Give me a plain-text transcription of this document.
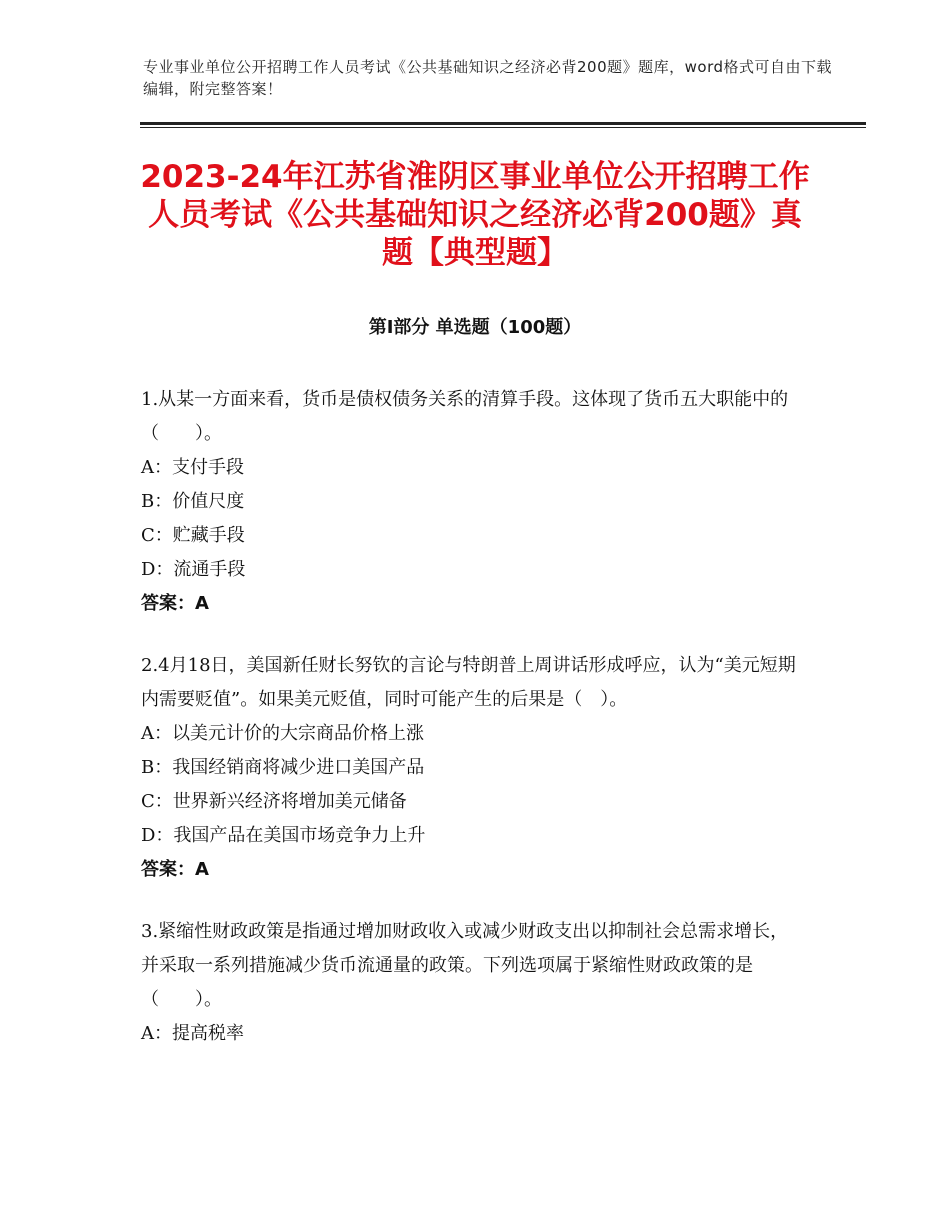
专业事业单位公开招聘工作人员考试《公共基础知识之经济必背200题》题库，word格式可自由下载编辑，附完整答案！
2023-24年江苏省淮阴区事业单位公开招聘工作人员考试《公共基础知识之经济必背200题》真题【典型题】
第Ⅰ部分 单选题（100题）

1.从某一方面来看，货币是债权债务关系的清算手段。这体现了货币五大职能中的（　　）。

A：支付手段

B：价值尺度

C：贮藏手段

D：流通手段

答案：A

2.4月18日，美国新任财长努钦的言论与特朗普上周讲话形成呼应，认为“美元短期内需要贬值”。如果美元贬值，同时可能产生的后果是（　）。

A：以美元计价的大宗商品价格上涨

B：我国经销商将减少进口美国产品

C：世界新兴经济将增加美元储备

D：我国产品在美国市场竞争力上升

答案：A

3.紧缩性财政政策是指通过增加财政收入或减少财政支出以抑制社会总需求增长，并采取一系列措施减少货币流通量的政策。下列选项属于紧缩性财政政策的是（　　）。

A：提高税率
